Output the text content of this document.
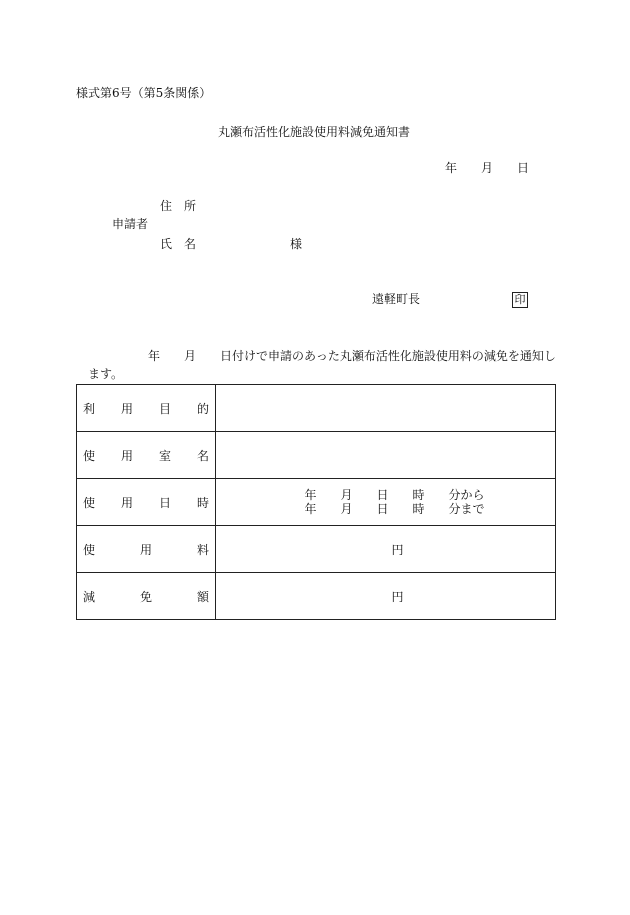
様式第6号（第5条関係）
丸瀬布活性化施設使用料減免通知書
年　　月　　日
住　所
申請者
氏　名	様
遠軽町長	印
年　　月　　日付けで申請のあった丸瀬布活性化施設使用料の減免を通知し
ます。
利 用 目 的	

使 用 室 名	

使 用 日 時	年　　月　　日　　時　　分から
年　　月　　日　　時　　分まで

使 用 料	円

減 免 額	円
